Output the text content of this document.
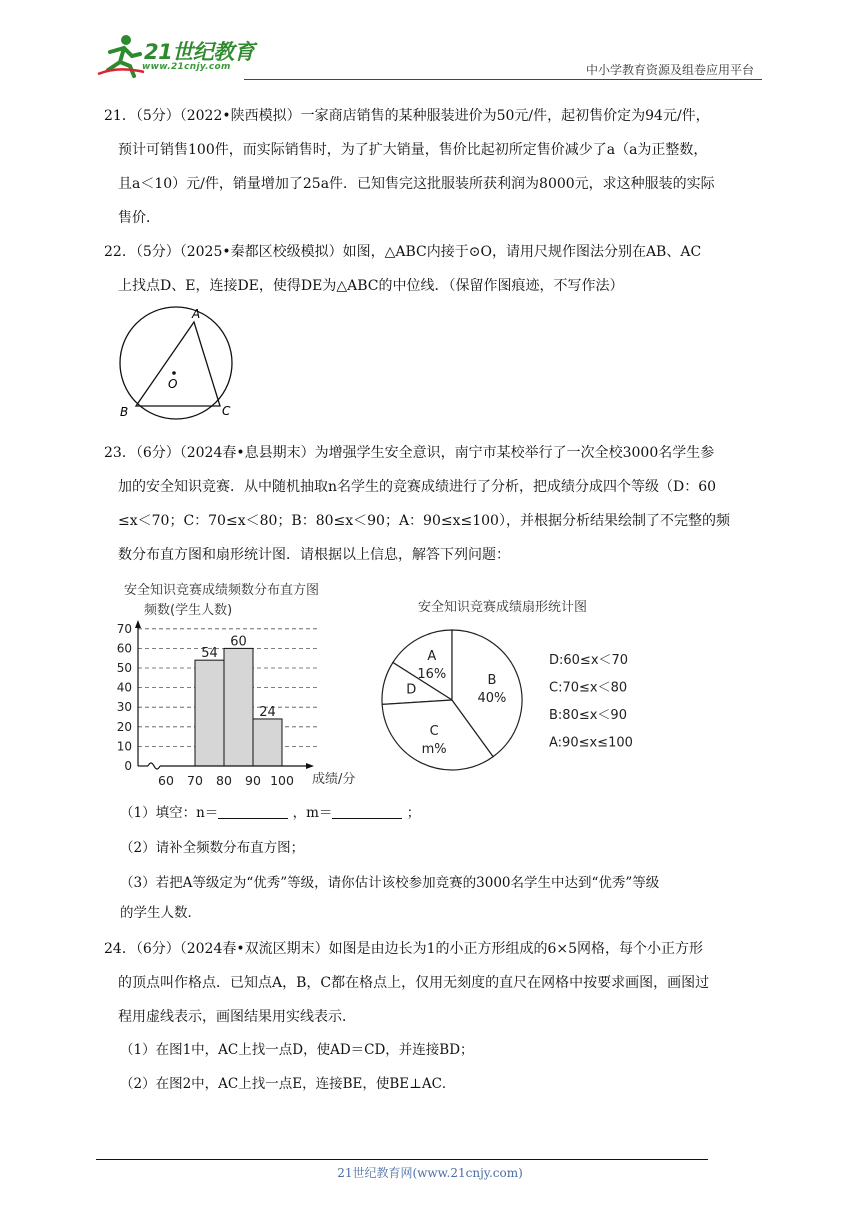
21世纪教育
www.21cnjy.com	中小学教育资源及组卷应用平台

21．（5分）（2022•陕西模拟）一家商店销售的某种服装进价为50元/件，起初售价定为94元/件，

预计可销售100件，而实际销售时，为了扩大销量，售价比起初所定售价减少了a（a为正整数，

且a＜10）元/件，销量增加了25a件．已知售完这批服装所获利润为8000元，求这种服装的实际

售价．

22．（5分）（2025•秦都区校级模拟）如图，△ABC内接于⊙O，请用尺规作图法分别在AB、AC

上找点D、E，连接DE，使得DE为△ABC的中位线．（保留作图痕迹，不写作法）

A
B	C
O

23．（6分）（2024春•息县期末）为增强学生安全意识，南宁市某校举行了一次全校3000名学生参

加的安全知识竞赛．从中随机抽取n名学生的竞赛成绩进行了分析，把成绩分成四个等级（D：60

≤x＜70；C：70≤x＜80；B：80≤x＜90；A：90≤x≤100），并根据分析结果绘制了不完整的频

数分布直方图和扇形统计图．请根据以上信息，解答下列问题：

安全知识竞赛成绩频数分布直方图
频数(学生人数)
成绩/分
0
10
20
30
40
50
60
70
60 70 80 90 100
54
60
24
安全知识竞赛成绩扇形统计图
A
16%
D
C
m%
B
40%
D:60≤x＜70
C:70≤x＜80
B:80≤x＜90
A:90≤x≤100
（1）填空：n＝	，m＝	；
（2）请补全频数分布直方图；
（3）若把A等级定为“优秀”等级，请你估计该校参加竞赛的3000名学生中达到“优秀”等级
的学生人数．

24．（6分）（2024春•双流区期末）如图是由边长为1的小正方形组成的6×5网格，每个小正方形

的顶点叫作格点．已知点A，B，C都在格点上，仅用无刻度的直尺在网格中按要求画图，画图过

程用虚线表示，画图结果用实线表示．

（1）在图1中，AC上找一点D，使AD＝CD，并连接BD；
（2）在图2中，AC上找一点E，连接BE，使BE⊥AC．
21世纪教育网(www.21cnjy.com)
